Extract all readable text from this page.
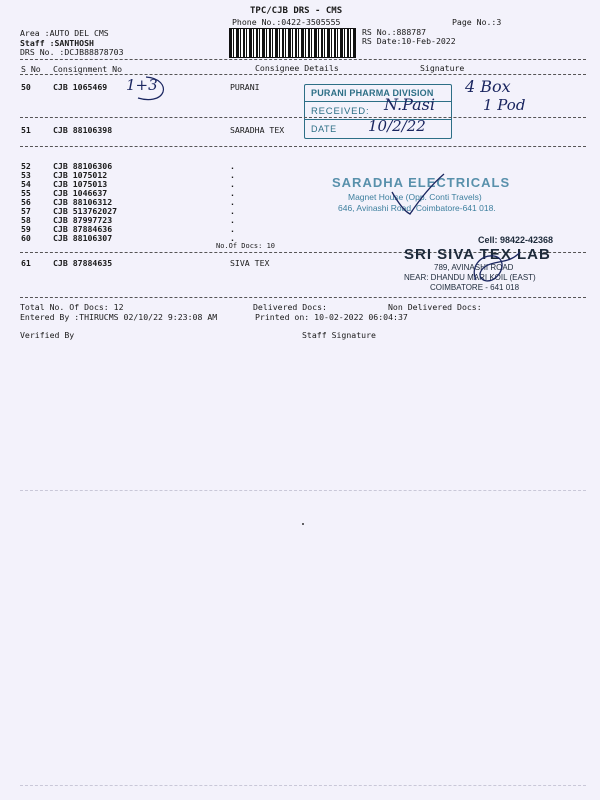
TPC/CJB DRS - CMS
Phone No.:0422-3505555
Area :AUTO DEL CMS
Staff :SANTHOSH
DRS No. :DCJB88878703
RS No.:888787
RS Date:10-Feb-2022
Page No.:3
S No Consignment No	Consignee Details	Signature
50	CJB 1065469	PURANI
1+3	4 Box
1 Pod
PURANI PHARMA DIVISION
RECEIVED:
DATE
N.Pasi
10/2/22
51	CJB 88106398	SARADHA TEX
52	CJB 88106306	.
53	CJB 1075012	.
54	CJB 1075013	.
55	CJB 1046637	.
56	CJB 88106312	.
57	CJB 513762027	.
58	CJB 87997723	.
59	CJB 87884636	.
60	CJB 88106307	.
No.Of Docs: 10
SARADHA ELECTRICALS
Magnet House (Opp. Conti Travels)
646, Avinashi Road, Coimbatore-641 018.
61	CJB 87884635	SIVA TEX
Cell: 98422-42368
SRI SIVA TEX LAB
789, AVINASHI ROAD
NEAR: DHANDU MARI KOIL (EAST)
COIMBATORE - 641 018
Total No. Of Docs: 12	Delivered Docs:	Non Delivered Docs:
Entered By :THIRUCMS 02/10/22 9:23:08 AM	Printed on: 10-02-2022 06:04:37
Verified By	Staff Signature
